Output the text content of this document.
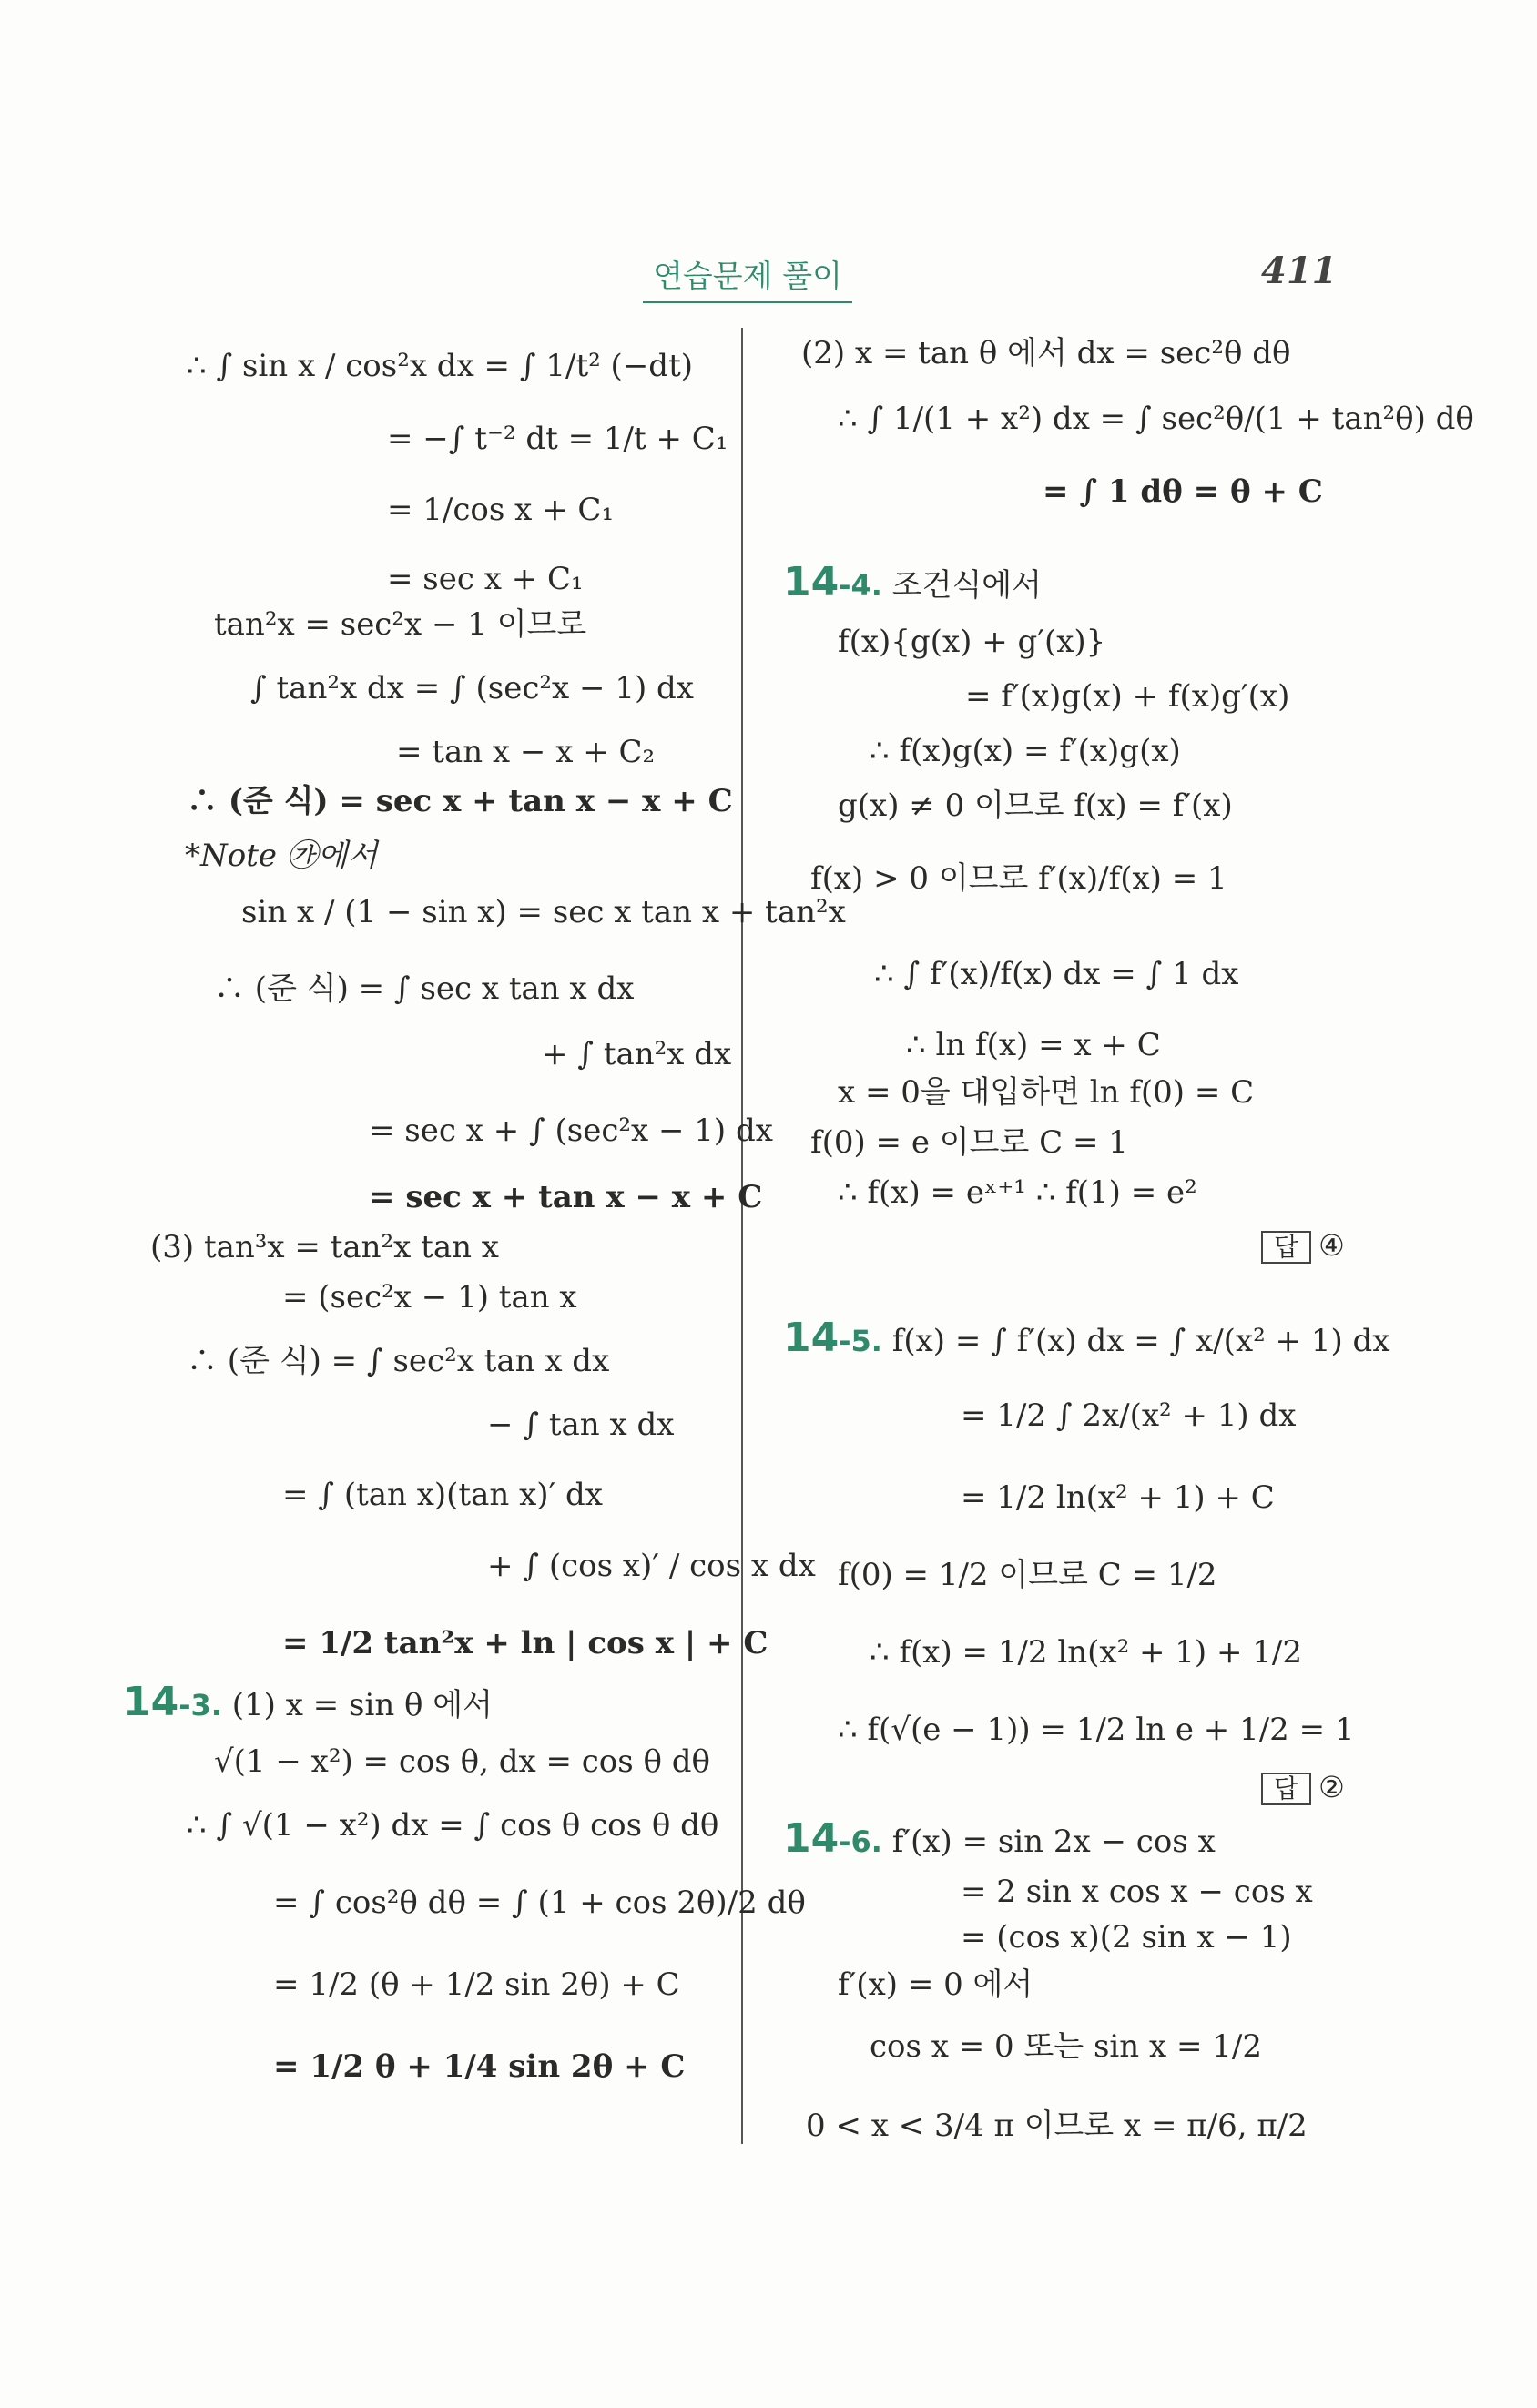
연습문제 풀이	411
∴ ∫ sin x / cos²x dx = ∫ 1/t² (−dt)
= −∫ t⁻² dt = 1/t + C₁
= 1/cos x + C₁
= sec x + C₁
tan²x = sec²x − 1 이므로
∫ tan²x dx = ∫ (sec²x − 1) dx
= tan x − x + C₂
∴ (준 식) = sec x + tan x − x + C
*Note ㉮에서
sin x / (1 − sin x) = sec x tan x + tan²x
∴ (준 식) = ∫ sec x tan x dx
+ ∫ tan²x dx
= sec x + ∫ (sec²x − 1) dx
= sec x + tan x − x + C
(3) tan³x = tan²x tan x
= (sec²x − 1) tan x
∴ (준 식) = ∫ sec²x tan x dx
− ∫ tan x dx
= ∫ (tan x)(tan x)′ dx
+ ∫ (cos x)′ / cos x dx
= 1/2 tan²x + ln | cos x | + C
14-3. (1) x = sin θ 에서
√(1 − x²) = cos θ, dx = cos θ dθ
∴ ∫ √(1 − x²) dx = ∫ cos θ cos θ dθ
= ∫ cos²θ dθ = ∫ (1 + cos 2θ)/2 dθ
= 1/2 (θ + 1/2 sin 2θ) + C
= 1/2 θ + 1/4 sin 2θ + C
(2) x = tan θ 에서 dx = sec²θ dθ
∴ ∫ 1/(1 + x²) dx = ∫ sec²θ/(1 + tan²θ) dθ
= ∫ 1 dθ = θ + C
14-4. 조건식에서
f(x){g(x) + g′(x)}
= f′(x)g(x) + f(x)g′(x)
∴ f(x)g(x) = f′(x)g(x)
g(x) ≠ 0 이므로 f(x) = f′(x)
f(x) > 0 이므로 f′(x)/f(x) = 1
∴ ∫ f′(x)/f(x) dx = ∫ 1 dx
∴ ln f(x) = x + C
x = 0을 대입하면 ln f(0) = C
f(0) = e 이므로 C = 1
∴ f(x) = eˣ⁺¹ ∴ f(1) = e²
답 ④
14-5. f(x) = ∫ f′(x) dx = ∫ x/(x² + 1) dx
= 1/2 ∫ 2x/(x² + 1) dx
= 1/2 ln(x² + 1) + C
f(0) = 1/2 이므로 C = 1/2
∴ f(x) = 1/2 ln(x² + 1) + 1/2
∴ f(√(e − 1)) = 1/2 ln e + 1/2 = 1
답 ②
14-6. f′(x) = sin 2x − cos x
= 2 sin x cos x − cos x
= (cos x)(2 sin x − 1)
f′(x) = 0 에서
cos x = 0 또는 sin x = 1/2
0 < x < 3/4 π 이므로 x = π/6, π/2
